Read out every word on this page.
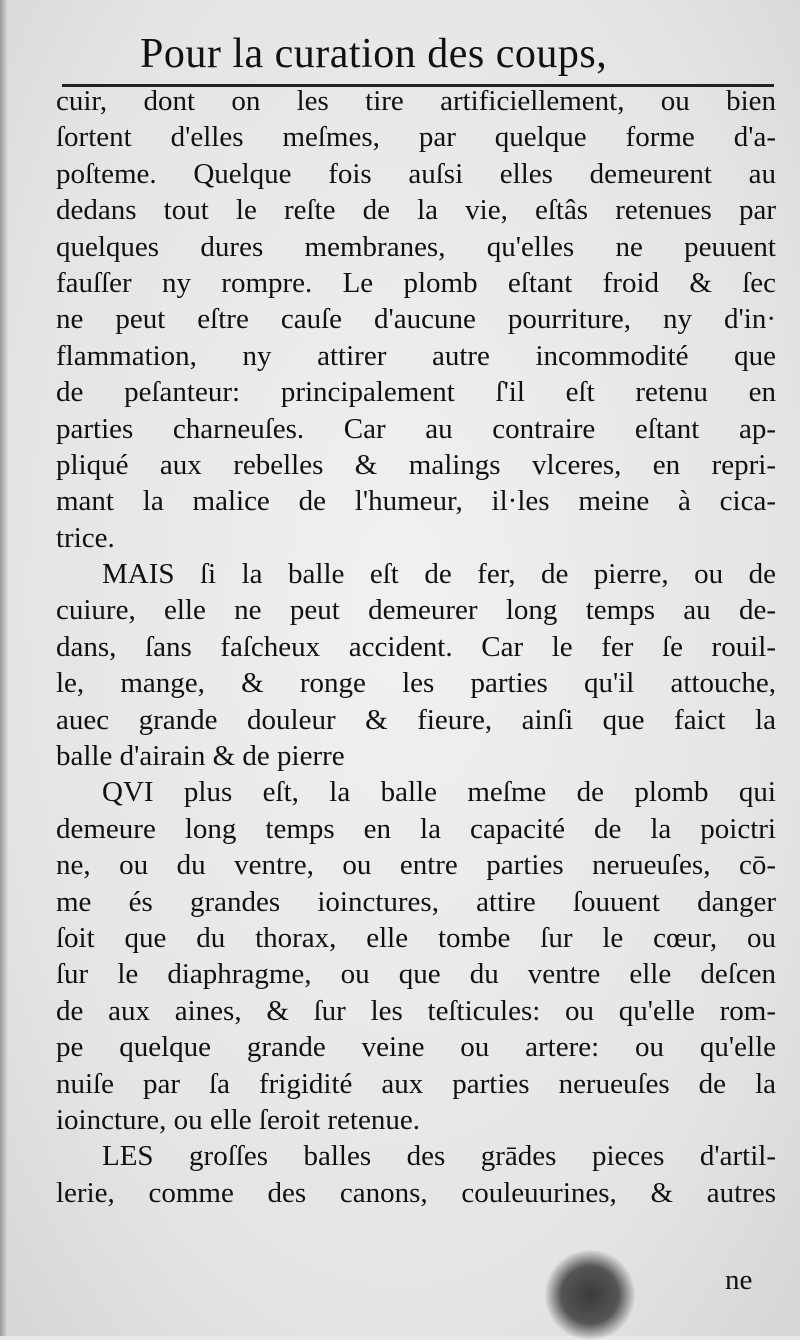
Pour la curation des coups,
cuir, dont on les tire artificiellement, ou bien
ſortent d'elles meſmes, par quelque forme d'a-
poſteme. Quelque fois auſsi elles demeurent au
dedans tout le reſte de la vie, eſtâs retenues par
quelques dures membranes, qu'elles ne peuuent
fauſſer ny rompre. Le plomb eſtant froid & ſec
ne peut eſtre cauſe d'aucune pourriture, ny d'in·
flammation, ny attirer autre incommodité que
de peſanteur: principalement ſ'il eſt retenu en
parties charneuſes. Car au contraire eſtant ap-
pliqué aux rebelles & malings vlceres, en repri-
mant la malice de l'humeur, il·les meine à cica-
trice.
MAIS ſi la balle eſt de fer, de pierre, ou de
cuiure, elle ne peut demeurer long temps au de-
dans, ſans faſcheux accident. Car le fer ſe rouil-
le, mange, & ronge les parties qu'il attouche,
auec grande douleur & fieure, ainſi que faict la
balle d'airain & de pierre
QVI plus eſt, la balle meſme de plomb qui
demeure long temps en la capacité de la poictri
ne, ou du ventre, ou entre parties nerueuſes, cō-
me és grandes ioinctures, attire ſouuent danger
ſoit que du thorax, elle tombe ſur le cœur, ou
ſur le diaphragme, ou que du ventre elle deſcen
de aux aines, & ſur les teſticules: ou qu'elle rom-
pe quelque grande veine ou artere: ou qu'elle
nuiſe par ſa frigidité aux parties nerueuſes de la
ioincture, ou elle ſeroit retenue.
LES groſſes balles des grādes pieces d'artil-
lerie, comme des canons, couleuurines, & autres
ne
